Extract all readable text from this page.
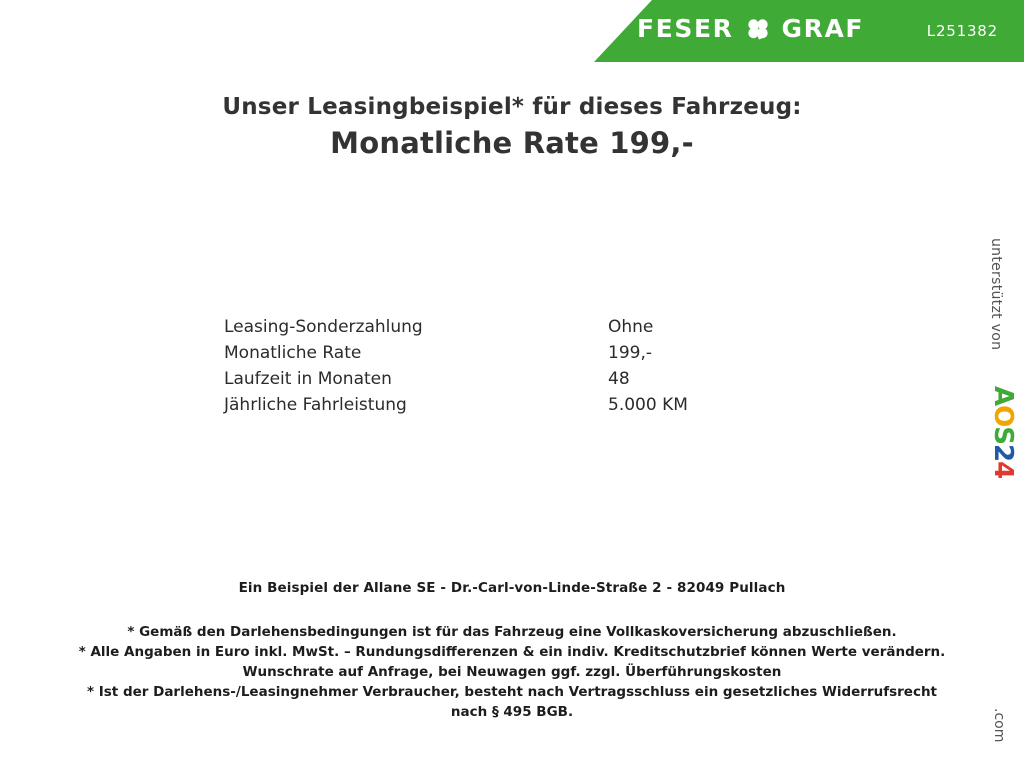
FESER GRAF	L251382
Unser Leasingbeispiel* für dieses Fahrzeug:
Monatliche Rate 199,-
Leasing-Sonderzahlung	Ohne
Monatliche Rate	199,-
Laufzeit in Monaten	48
Jährliche Fahrleistung	5.000 KM
unterstützt von
AOS24
.com
Ein Beispiel der Allane SE - Dr.-Carl-von-Linde-Straße 2 - 82049 Pullach
* Gemäß den Darlehensbedingungen ist für das Fahrzeug eine Vollkaskoversicherung abzuschließen.
* Alle Angaben in Euro inkl. MwSt. – Rundungsdifferenzen & ein indiv. Kreditschutzbrief können Werte verändern.
Wunschrate auf Anfrage, bei Neuwagen ggf. zzgl. Überführungskosten
* Ist der Darlehens-/Leasingnehmer Verbraucher, besteht nach Vertragsschluss ein gesetzliches Widerrufsrecht
nach § 495 BGB.
